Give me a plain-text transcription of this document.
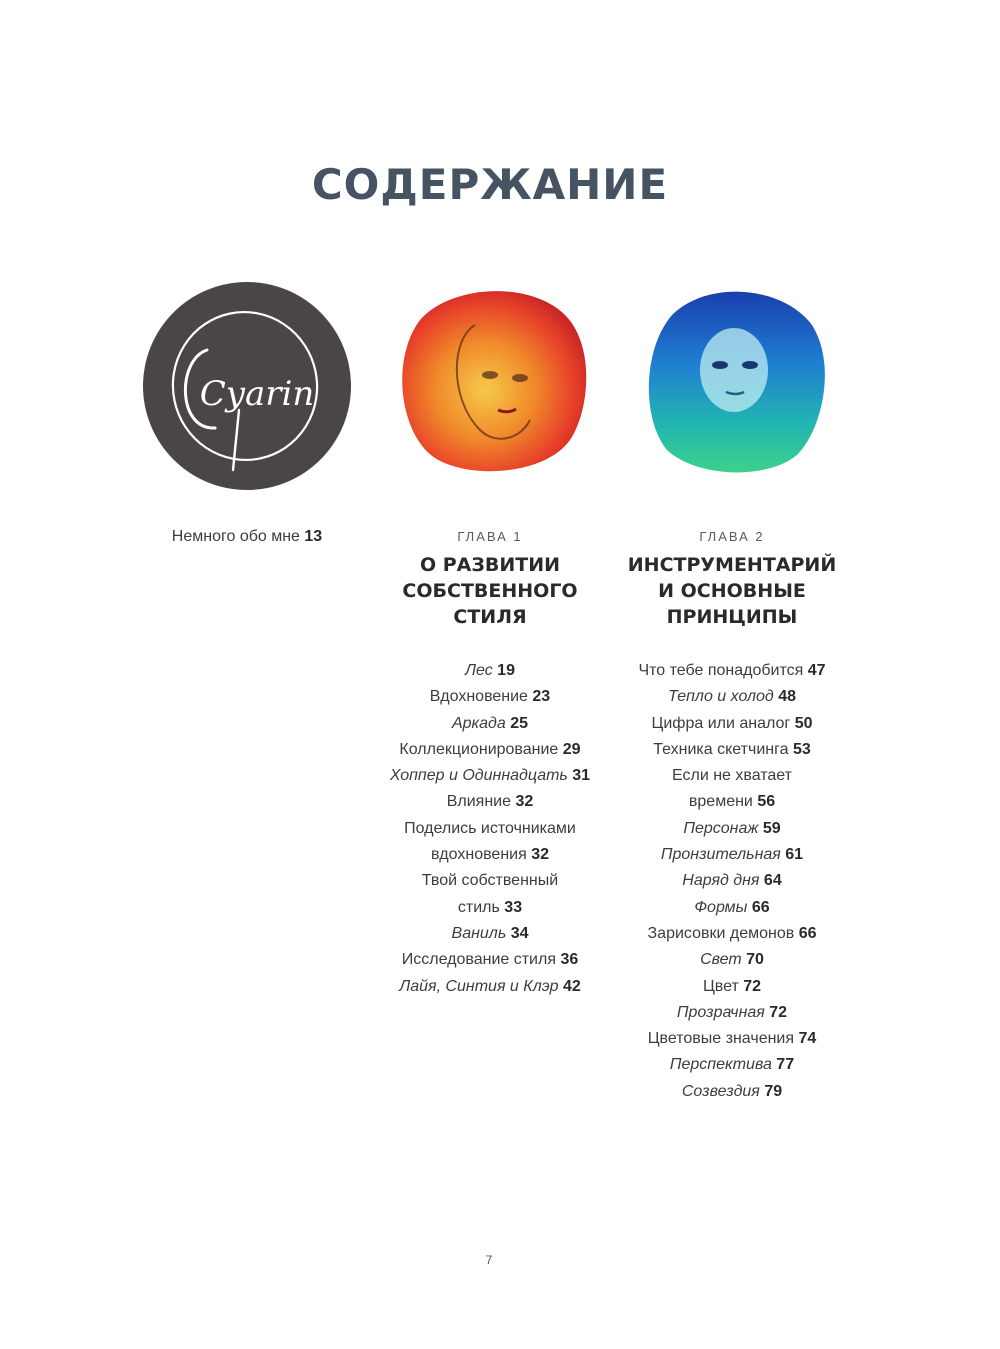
СОДЕРЖАНИЕ
Cyarin
Немного обо мне 13	ГЛАВА 1
О РАЗВИТИИ
СОБСТВЕННОГО
СТИЛЯ
Лес 19
Вдохновение 23
Аркада 25
Коллекционирование 29
Хоппер и Одиннадцать 31
Влияние 32
Поделись источниками
вдохновения 32
Твой собственный
стиль 33
Ваниль 34
Исследование стиля 36
Лайя, Синтия и Клэр 42
ГЛАВА 2
ИНСТРУМЕНТАРИЙ
И ОСНОВНЫЕ
ПРИНЦИПЫ
Что тебе понадобится 47
Тепло и холод 48
Цифра или аналог 50
Техника скетчинга 53
Если не хватает
времени 56
Персонаж 59
Пронзительная 61
Наряд дня 64
Формы 66
Зарисовки демонов 66
Свет 70
Цвет 72
Прозрачная 72
Цветовые значения 74
Перспектива 77
Созвездия 79
7
